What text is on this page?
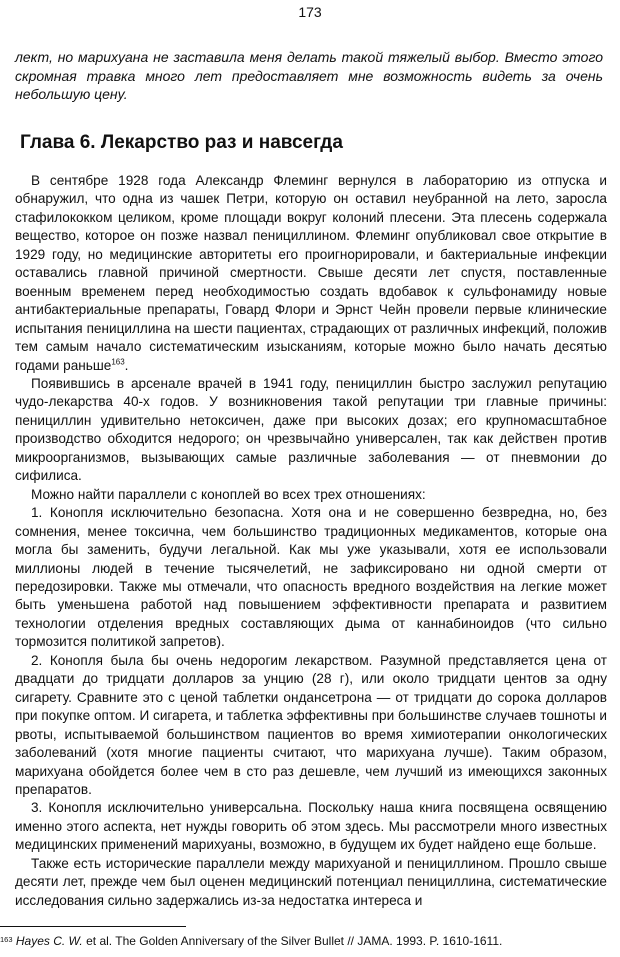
173

лект, но марихуана не заставила меня делать такой тяжелый выбор. Вместо этого скромная травка много лет предоставляет мне возможность видеть за очень небольшую цену.

Глава 6. Лекарство раз и навсегда

В сентябре 1928 года Александр Флеминг вернулся в лабораторию из отпуска и обнаружил, что одна из чашек Петри, которую он оставил неубранной на лето, заросла стафилококком целиком, кроме площади вокруг колоний плесени. Эта плесень содержала вещество, которое он позже назвал пенициллином. Флеминг опубликовал свое открытие в 1929 году, но медицинские авторитеты его проигнорировали, и бактериальные инфекции оставались главной причиной смертности. Свыше десяти лет спустя, поставленные военным временем перед необходимостью создать вдобавок к сульфонамиду новые антибактериальные препараты, Говард Флори и Эрнст Чейн провели первые клинические испытания пенициллина на шести пациентах, страдающих от различных инфекций, положив тем самым начало систематическим изысканиям, которые можно было начать десятью годами раньше$^{163}$.

Появившись в арсенале врачей в 1941 году, пенициллин быстро заслужил репутацию чудо-лекарства 40-х годов. У возникновения такой репутации три главные причины: пенициллин удивительно нетоксичен, даже при высоких дозах; его крупномасштабное производство обходится недорого; он чрезвычайно универсален, так как действен против микроорганизмов, вызывающих самые различные заболевания — от пневмонии до сифилиса.

Можно найти параллели с коноплей во всех трех отношениях:

1. Конопля исключительно безопасна. Хотя она и не совершенно безвредна, но, без сомнения, менее токсична, чем большинство традиционных медикаментов, которые она могла бы заменить, будучи легальной. Как мы уже указывали, хотя ее использовали миллионы людей в течение тысячелетий, не зафиксировано ни одной смерти от передозировки. Также мы отмечали, что опасность вредного воздействия на легкие может быть уменьшена работой над повышением эффективности препарата и развитием технологии отделения вредных составляющих дыма от каннабиноидов (что сильно тормозится политикой запретов).

2. Конопля была бы очень недорогим лекарством. Разумной представляется цена от двадцати до тридцати долларов за унцию (28 г), или около тридцати центов за одну сигарету. Сравните это с ценой таблетки ондансетрона — от тридцати до сорока долларов при покупке оптом. И сигарета, и таблетка эффективны при большинстве случаев тошноты и рвоты, испытываемой большинством пациентов во время химиотерапии онкологических заболеваний (хотя многие пациенты считают, что марихуана лучше). Таким образом, марихуана обойдется более чем в сто раз дешевле, чем лучший из имеющихся законных препаратов.

3. Конопля исключительно универсальна. Поскольку наша книга посвящена освящению именно этого аспекта, нет нужды говорить об этом здесь. Мы рассмотрели много известных медицинских применений марихуаны, возможно, в будущем их будет найдено еще больше.

Также есть исторические параллели между марихуаной и пенициллином. Прошло свыше десяти лет, прежде чем был оценен медицинский потенциал пенициллина, систематические исследования сильно задержались из-за недостатка интереса и

$^{163}$ Hayes C. W. et al. The Golden Anniversary of the Silver Bullet // JAMA. 1993. P. 1610-1611.
